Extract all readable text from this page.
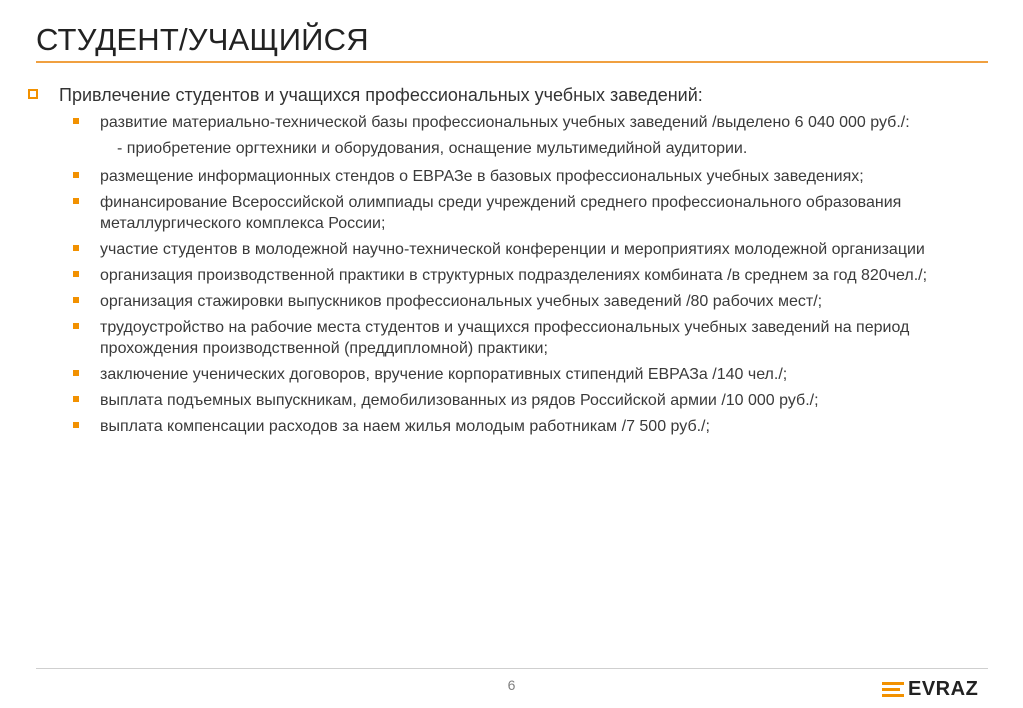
СТУДЕНТ/УЧАЩИЙСЯ
Привлечение студентов и учащихся профессиональных учебных заведений:
развитие материально-технической базы профессиональных учебных заведений /выделено 6 040 000 руб./:
- приобретение оргтехники и оборудования, оснащение мультимедийной аудитории.
размещение информационных стендов о ЕВРАЗе в базовых профессиональных учебных заведениях;
финансирование Всероссийской олимпиады среди учреждений среднего профессионального образования металлургического комплекса России;
участие студентов в молодежной научно-технической конференции и мероприятиях молодежной организации
организация производственной практики в структурных подразделениях комбината /в среднем за год 820чел./;
организация стажировки выпускников профессиональных учебных заведений /80 рабочих мест/;
трудоустройство на рабочие места студентов и учащихся профессиональных учебных заведений на период прохождения производственной (преддипломной) практики;
заключение ученических договоров, вручение корпоративных стипендий ЕВРАЗа /140 чел./;
выплата подъемных выпускникам, демобилизованных из рядов Российской армии /10 000 руб./;
выплата компенсации расходов за наем жилья молодым работникам /7 500 руб./;
6	EVRAZ
